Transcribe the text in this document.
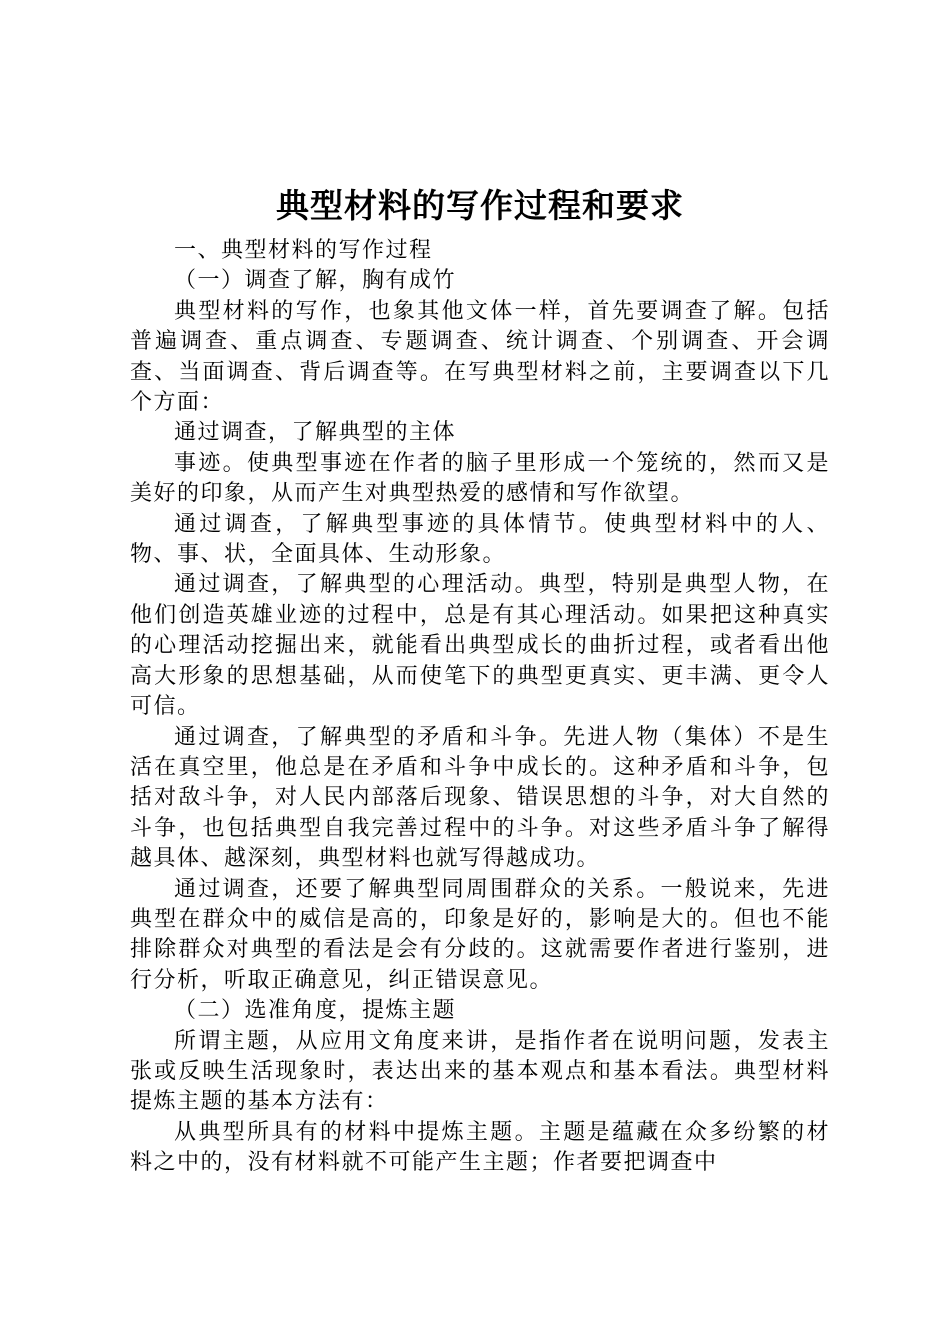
典型材料的写作过程和要求

一、典型材料的写作过程

（一）调查了解，胸有成竹

典型材料的写作，也象其他文体一样，首先要调查了解。包括普遍调查、重点调查、专题调查、统计调查、个别调查、开会调查、当面调查、背后调查等。在写典型材料之前，主要调查以下几个方面：

通过调查，了解典型的主体

事迹。使典型事迹在作者的脑子里形成一个笼统的，然而又是美好的印象，从而产生对典型热爱的感情和写作欲望。

通过调查，了解典型事迹的具体情节。使典型材料中的人、物、事、状，全面具体、生动形象。

通过调查，了解典型的心理活动。典型，特别是典型人物，在他们创造英雄业迹的过程中，总是有其心理活动。如果把这种真实的心理活动挖掘出来，就能看出典型成长的曲折过程，或者看出他高大形象的思想基础，从而使笔下的典型更真实、更丰满、更令人可信。

通过调查，了解典型的矛盾和斗争。先进人物（集体）不是生活在真空里，他总是在矛盾和斗争中成长的。这种矛盾和斗争，包括对敌斗争，对人民内部落后现象、错误思想的斗争，对大自然的斗争，也包括典型自我完善过程中的斗争。对这些矛盾斗争了解得越具体、越深刻，典型材料也就写得越成功。

通过调查，还要了解典型同周围群众的关系。一般说来，先进典型在群众中的威信是高的，印象是好的，影响是大的。但也不能排除群众对典型的看法是会有分歧的。这就需要作者进行鉴别，进行分析，听取正确意见，纠正错误意见。

（二）选准角度，提炼主题

所谓主题，从应用文角度来讲，是指作者在说明问题，发表主张或反映生活现象时，表达出来的基本观点和基本看法。典型材料提炼主题的基本方法有：

从典型所具有的材料中提炼主题。主题是蕴藏在众多纷繁的材料之中的，没有材料就不可能产生主题；作者要把调查中
